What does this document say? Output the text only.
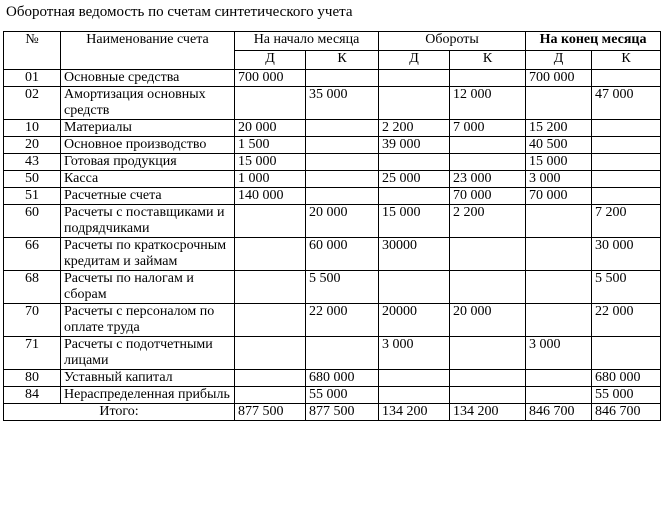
Оборотная ведомость по счетам синтетического учета
№	Наименование счета	На начало месяца		Обороты		На конец месяца	
		Д	К	Д	К	Д	К
01	Основные средства	700 000				700 000	
02	Амортизация основных средств		35 000		12 000		47 000
10	Материалы	20 000		2 200	7 000	15 200	
20	Основное производство	1 500		39 000		40 500	
43	Готовая продукция	15 000				15 000	
50	Касса	1 000		25 000	23 000	3 000	
51	Расчетные счета	140 000			70 000	70 000	
60	Расчеты с поставщиками и подрядчиками		20 000	15 000	2 200		7 200
66	Расчеты по краткосрочным кредитам и займам		60 000	30000			30 000
68	Расчеты по налогам и сборам		5 500				5 500
70	Расчеты с персоналом по оплате труда		22 000	20000	20 000		22 000
71	Расчеты с подотчетными лицами			3 000		3 000	
80	Уставный капитал		680 000				680 000
84	Нераспределенная прибыль		55 000				55 000
Итого:		877 500	877 500	134 200	134 200	846 700	846 700
